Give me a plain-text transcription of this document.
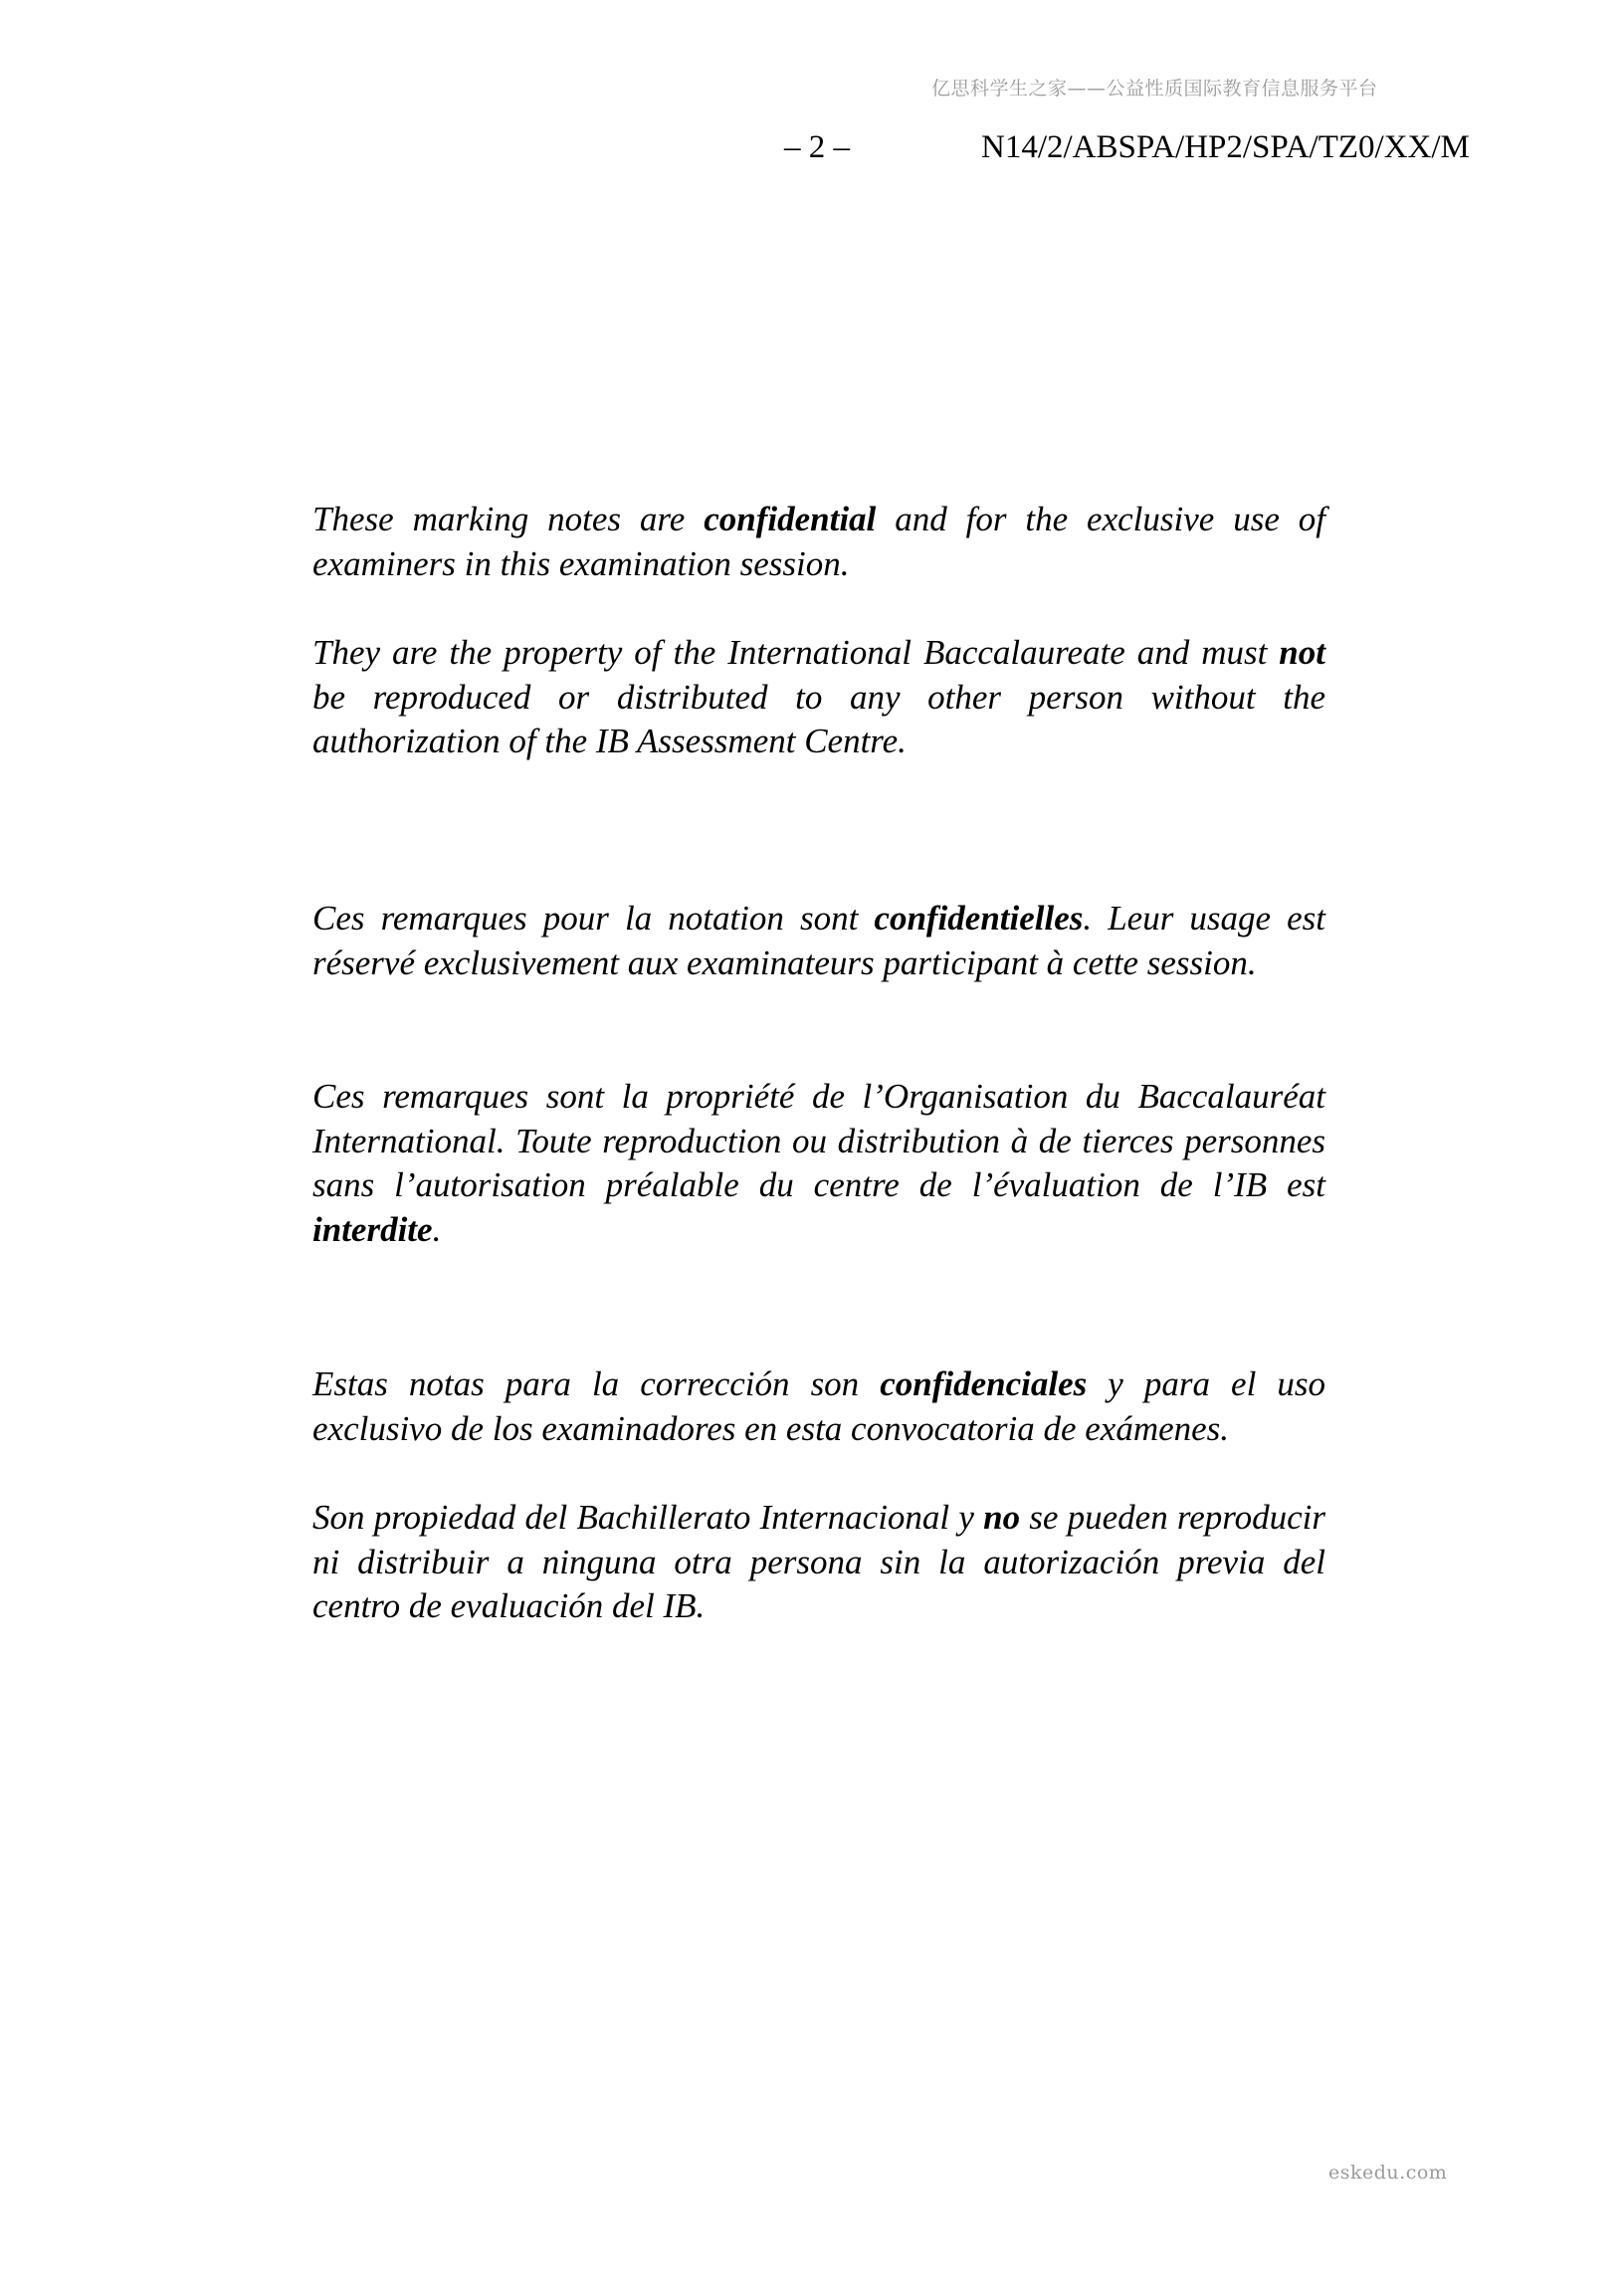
亿思科学生之家——公益性质国际教育信息服务平台
– 2 –	N14/2/ABSPA/HP2/SPA/TZ0/XX/M

These marking notes are confidential and for the exclusive use of examiners in this examination session.

They are the property of the International Baccalaureate and must not be reproduced or distributed to any other person without the authorization of the IB Assessment Centre.

Ces remarques pour la notation sont confidentielles. Leur usage est réservé exclusivement aux examinateurs participant à cette session.

Ces remarques sont la propriété de l’Organisation du Baccalauréat International. Toute reproduction ou distribution à de tierces personnes sans l’autorisation préalable du centre de l’évaluation de l’IB est interdite.

Estas notas para la corrección son confidenciales y para el uso exclusivo de los examinadores en esta convocatoria de exámenes.

Son propiedad del Bachillerato Internacional y no se pueden reproducir ni distribuir a ninguna otra persona sin la autorización previa del centro de evaluación del IB.

eskedu.com
